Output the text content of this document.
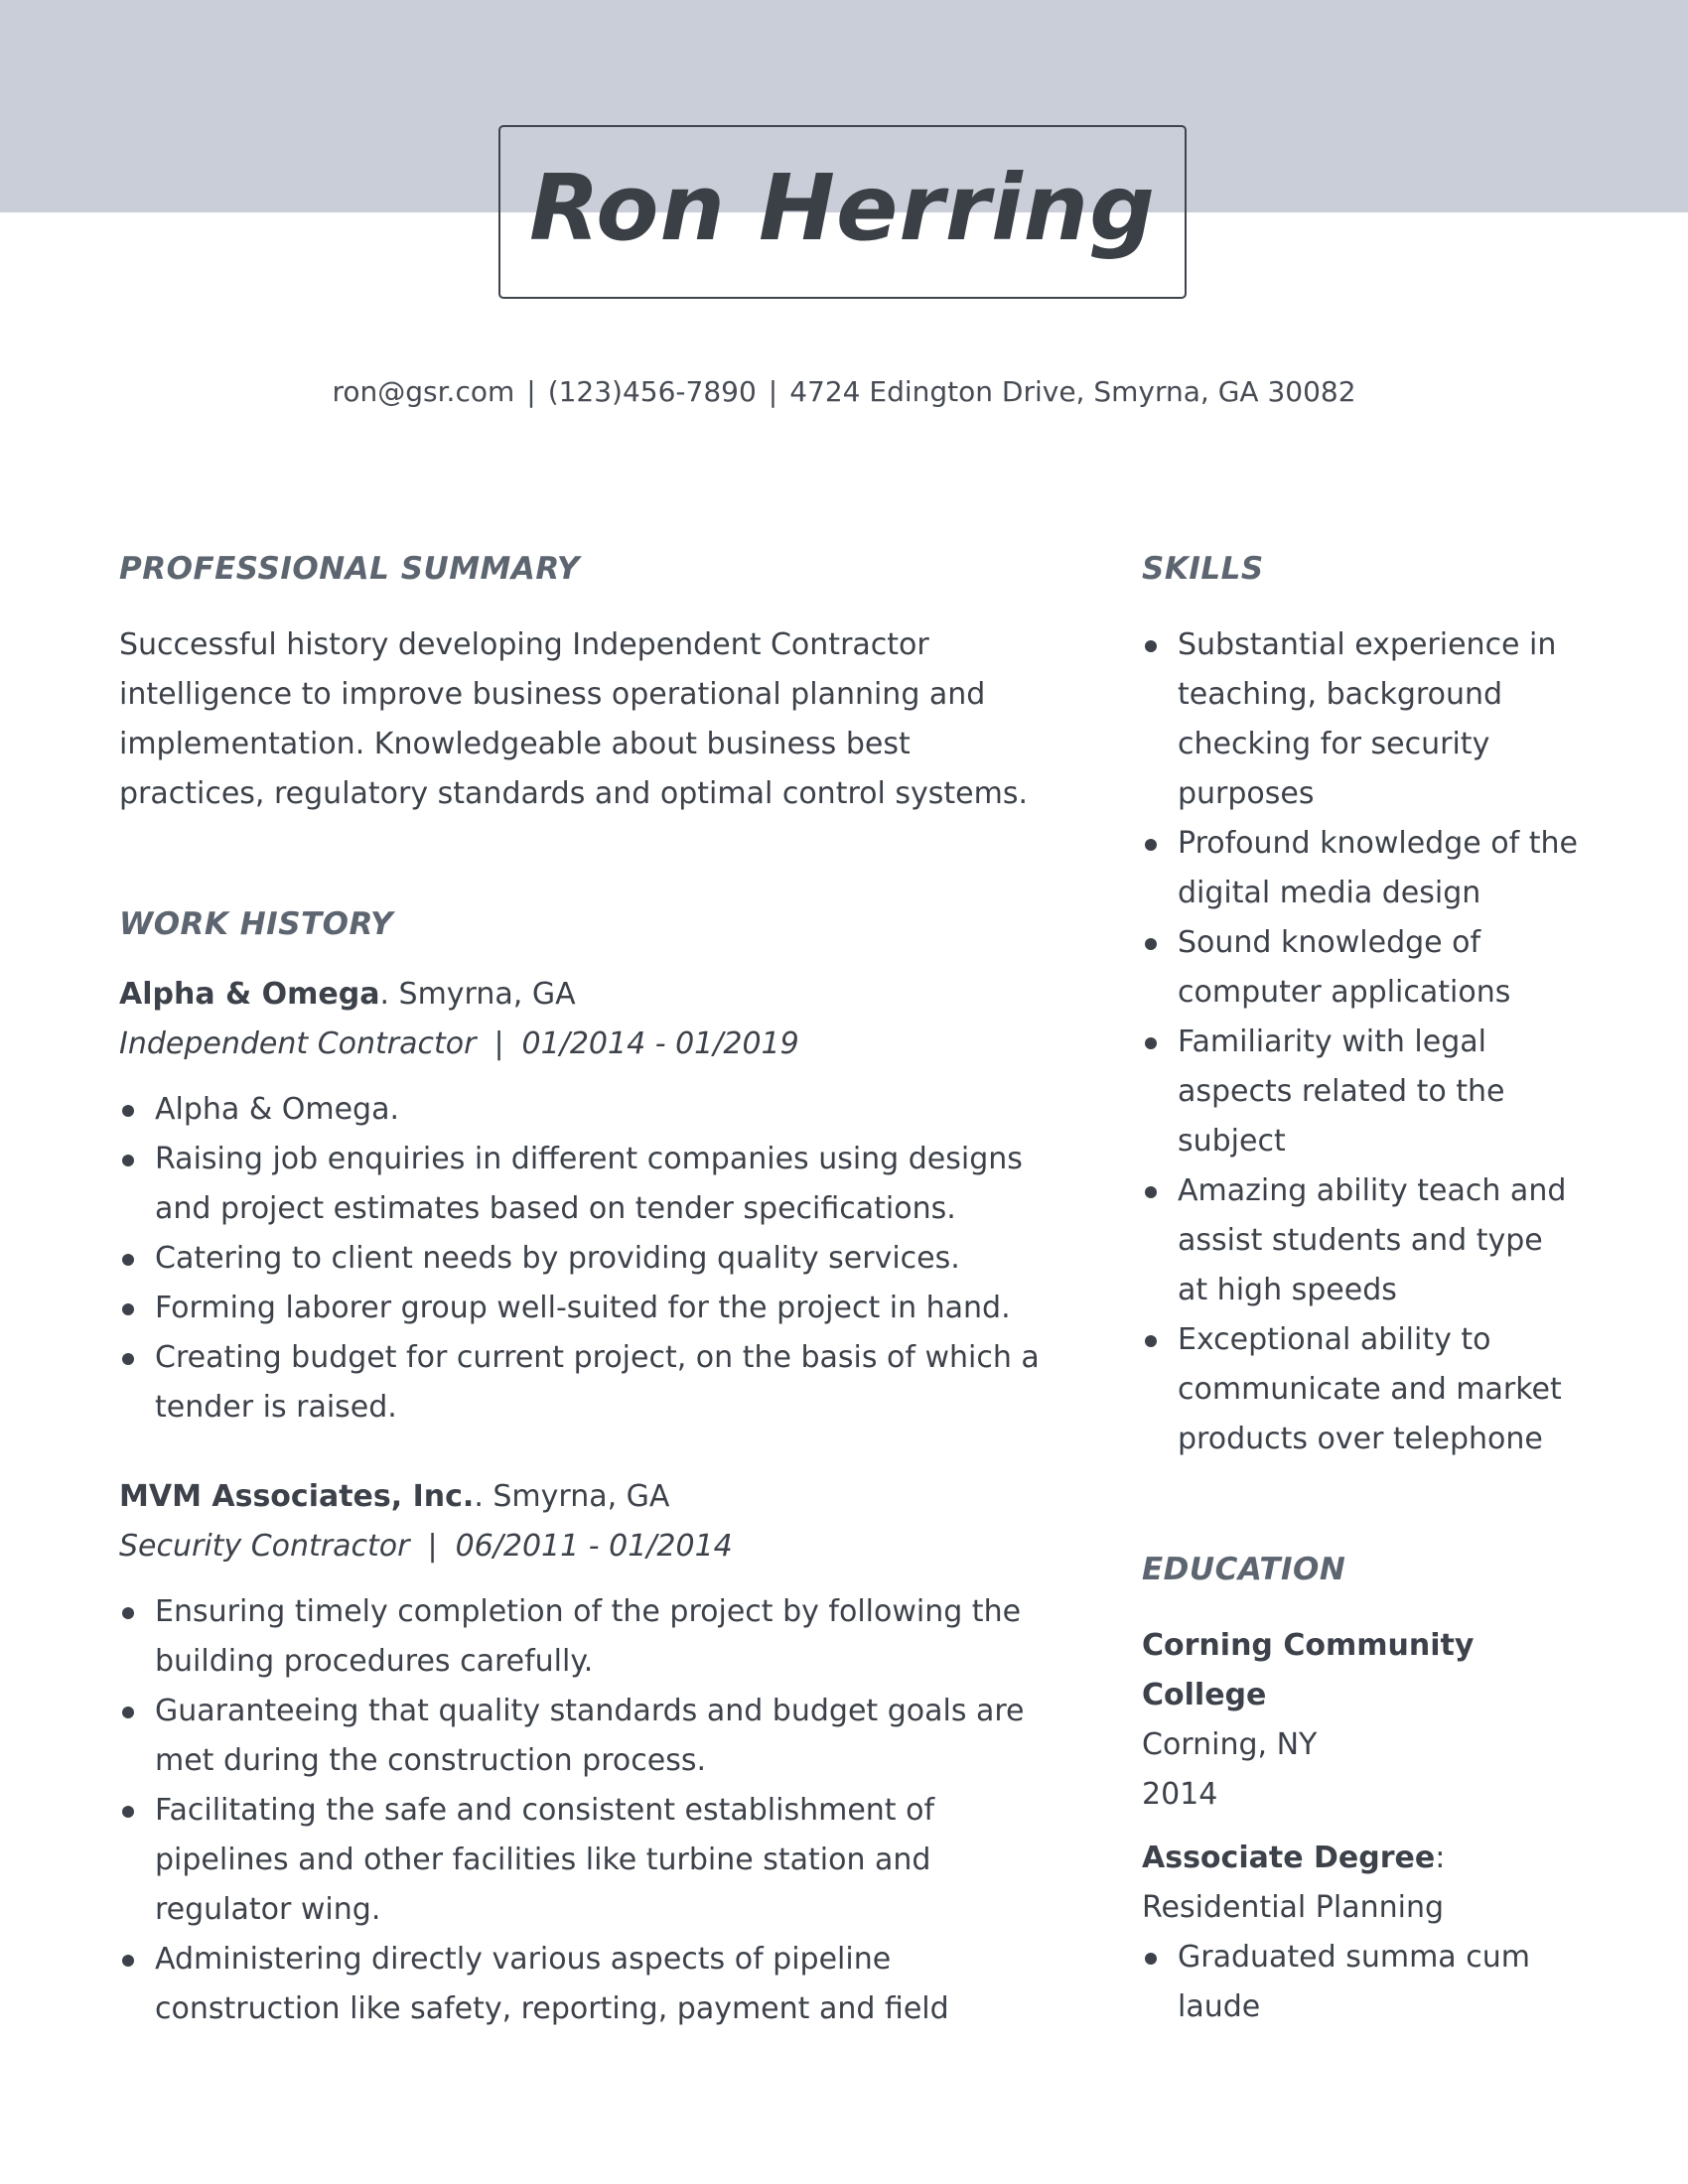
Ron Herring
ron@gsr.com | (123)456-7890 | 4724 Edington Drive, Smyrna, GA 30082
PROFESSIONAL SUMMARY

Successful history developing Independent Contractor intelligence to improve business operational planning and implementation. Knowledgeable about business best practices, regulatory standards and optimal control systems.

WORK HISTORY
Alpha & Omega. Smyrna, GA
Independent Contractor | 01/2014 - 01/2019
Alpha & Omega.
Raising job enquiries in different companies using designs and project estimates based on tender specifications.
Catering to client needs by providing quality services.
Forming laborer group well-suited for the project in hand.
Creating budget for current project, on the basis of which a tender is raised.
MVM Associates, Inc.. Smyrna, GA
Security Contractor | 06/2011 - 01/2014
Ensuring timely completion of the project by following the building procedures carefully.
Guaranteeing that quality standards and budget goals are met during the construction process.
Facilitating the safe and consistent establishment of pipelines and other facilities like turbine station and regulator wing.
Administering directly various aspects of pipeline construction like safety, reporting, payment and field
SKILLS
Substantial experience in teaching, background checking for security purposes
Profound knowledge of the digital media design
Sound knowledge of computer applications
Familiarity with legal aspects related to the subject
Amazing ability teach and assist students and type at high speeds
Exceptional ability to communicate and market products over telephone
EDUCATION
Corning Community College
Corning, NY
2014
Associate Degree:
Residential Planning
Graduated summa cum laude
